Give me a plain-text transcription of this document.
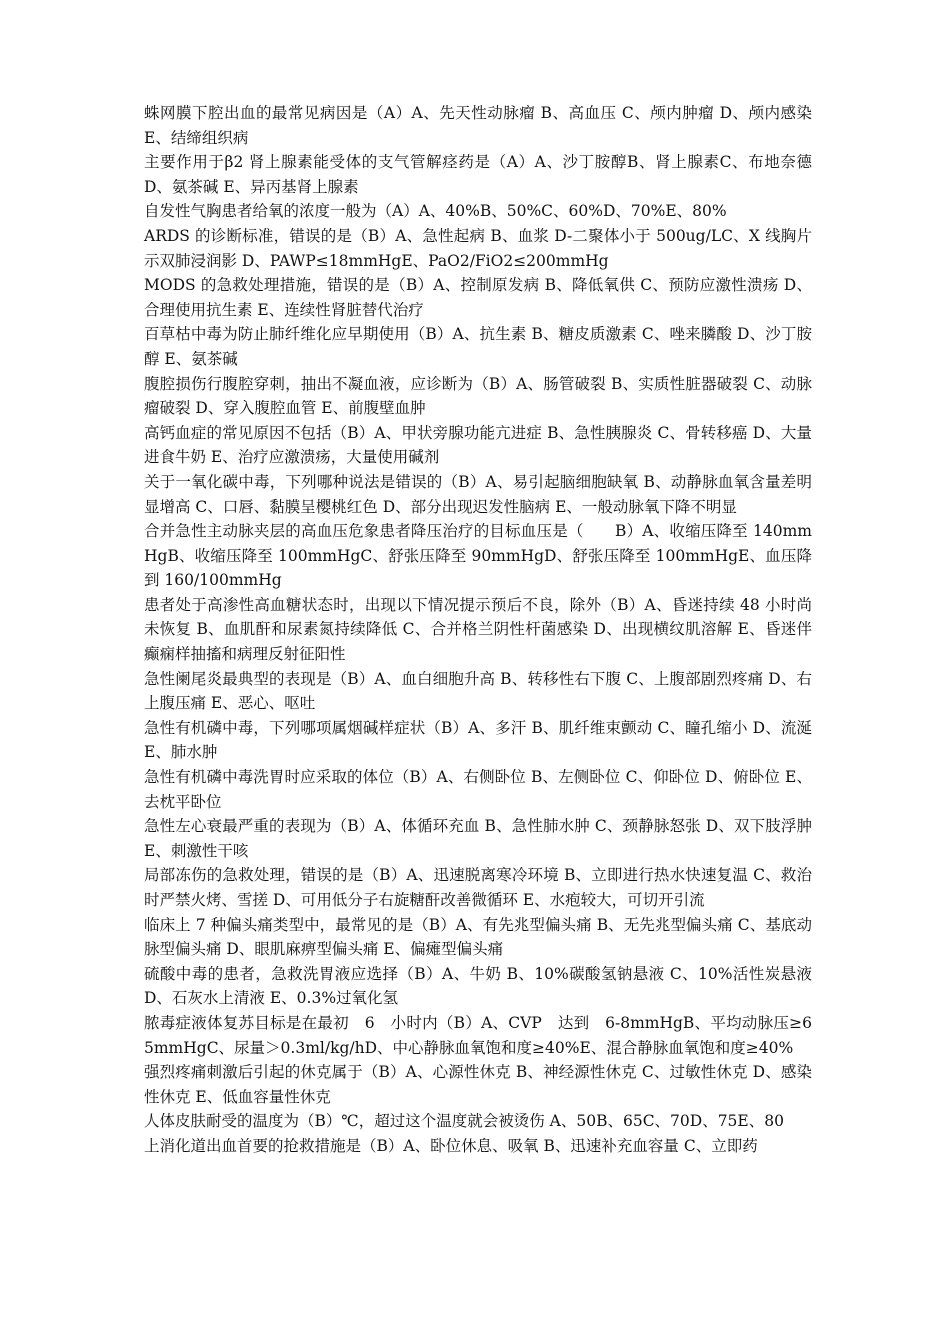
蛛网膜下腔出血的最常见病因是（A）A、先天性动脉瘤 B、高血压 C、颅内肿瘤 D、颅内感染 E、结缔组织病

主要作用于β2 肾上腺素能受体的支气管解痉药是（A）A、沙丁胺醇B、肾上腺素C、布地奈德 D、氨茶碱 E、异丙基肾上腺素

自发性气胸患者给氧的浓度一般为（A）A、40%B、50%C、60%D、70%E、80%

ARDS 的诊断标准，错误的是（B）A、急性起病 B、血浆 D-二聚体小于 500ug/LC、X 线胸片示双肺浸润影 D、PAWP≤18mmHgE、PaO2/FiO2≤200mmHg

MODS 的急救处理措施，错误的是（B）A、控制原发病 B、降低氧供 C、预防应激性溃疡 D、合理使用抗生素 E、连续性肾脏替代治疗

百草枯中毒为防止肺纤维化应早期使用（B）A、抗生素 B、糖皮质激素 C、唑来膦酸 D、沙丁胺醇 E、氨茶碱

腹腔损伤行腹腔穿刺，抽出不凝血液，应诊断为（B）A、肠管破裂 B、实质性脏器破裂 C、动脉瘤破裂 D、穿入腹腔血管 E、前腹壁血肿

高钙血症的常见原因不包括（B）A、甲状旁腺功能亢进症 B、急性胰腺炎 C、骨转移癌 D、大量进食牛奶 E、治疗应激溃疡，大量使用碱剂

关于一氧化碳中毒，下列哪种说法是错误的（B）A、易引起脑细胞缺氧 B、动静脉血氧含量差明显增高 C、口唇、黏膜呈樱桃红色 D、部分出现迟发性脑病 E、一般动脉氧下降不明显

合并急性主动脉夹层的高血压危象患者降压治疗的目标血压是（　　B）A、收缩压降至 140mmHgB、收缩压降至 100mmHgC、舒张压降至 90mmHgD、舒张压降至 100mmHgE、血压降到 160/100mmHg

患者处于高渗性高血糖状态时，出现以下情况提示预后不良，除外（B）A、昏迷持续 48 小时尚未恢复 B、血肌酐和尿素氮持续降低 C、合并格兰阴性杆菌感染 D、出现横纹肌溶解 E、昏迷伴癫痫样抽搐和病理反射征阳性

急性阑尾炎最典型的表现是（B）A、血白细胞升高 B、转移性右下腹 C、上腹部剧烈疼痛 D、右上腹压痛 E、恶心、呕吐

急性有机磷中毒，下列哪项属烟碱样症状（B）A、多汗 B、肌纤维束颤动 C、瞳孔缩小 D、流涎 E、肺水肿

急性有机磷中毒洗胃时应采取的体位（B）A、右侧卧位 B、左侧卧位 C、仰卧位 D、俯卧位 E、去枕平卧位

急性左心衰最严重的表现为（B）A、体循环充血 B、急性肺水肿 C、颈静脉怒张 D、双下肢浮肿 E、刺激性干咳

局部冻伤的急救处理，错误的是（B）A、迅速脱离寒冷环境 B、立即进行热水快速复温 C、救治时严禁火烤、雪搓 D、可用低分子右旋糖酐改善微循环 E、水疱较大，可切开引流

临床上 7 种偏头痛类型中，最常见的是（B）A、有先兆型偏头痛 B、无先兆型偏头痛 C、基底动脉型偏头痛 D、眼肌麻痹型偏头痛 E、偏瘫型偏头痛

硫酸中毒的患者，急救洗胃液应选择（B）A、牛奶 B、10%碳酸氢钠悬液 C、10%活性炭悬液 D、石灰水上清液 E、0.3%过氧化氢

脓毒症液体复苏目标是在最初　6　小时内（B）A、CVP　达到　6-8mmHgB、平均动脉压≥65mmHgC、尿量＞0.3ml/kg/hD、中心静脉血氧饱和度≥40%E、混合静脉血氧饱和度≥40%

强烈疼痛刺激后引起的休克属于（B）A、心源性休克 B、神经源性休克 C、过敏性休克 D、感染性休克 E、低血容量性休克

人体皮肤耐受的温度为（B）℃，超过这个温度就会被烫伤 A、50B、65C、70D、75E、80

上消化道出血首要的抢救措施是（B）A、卧位休息、吸氧 B、迅速补充血容量 C、立即药
